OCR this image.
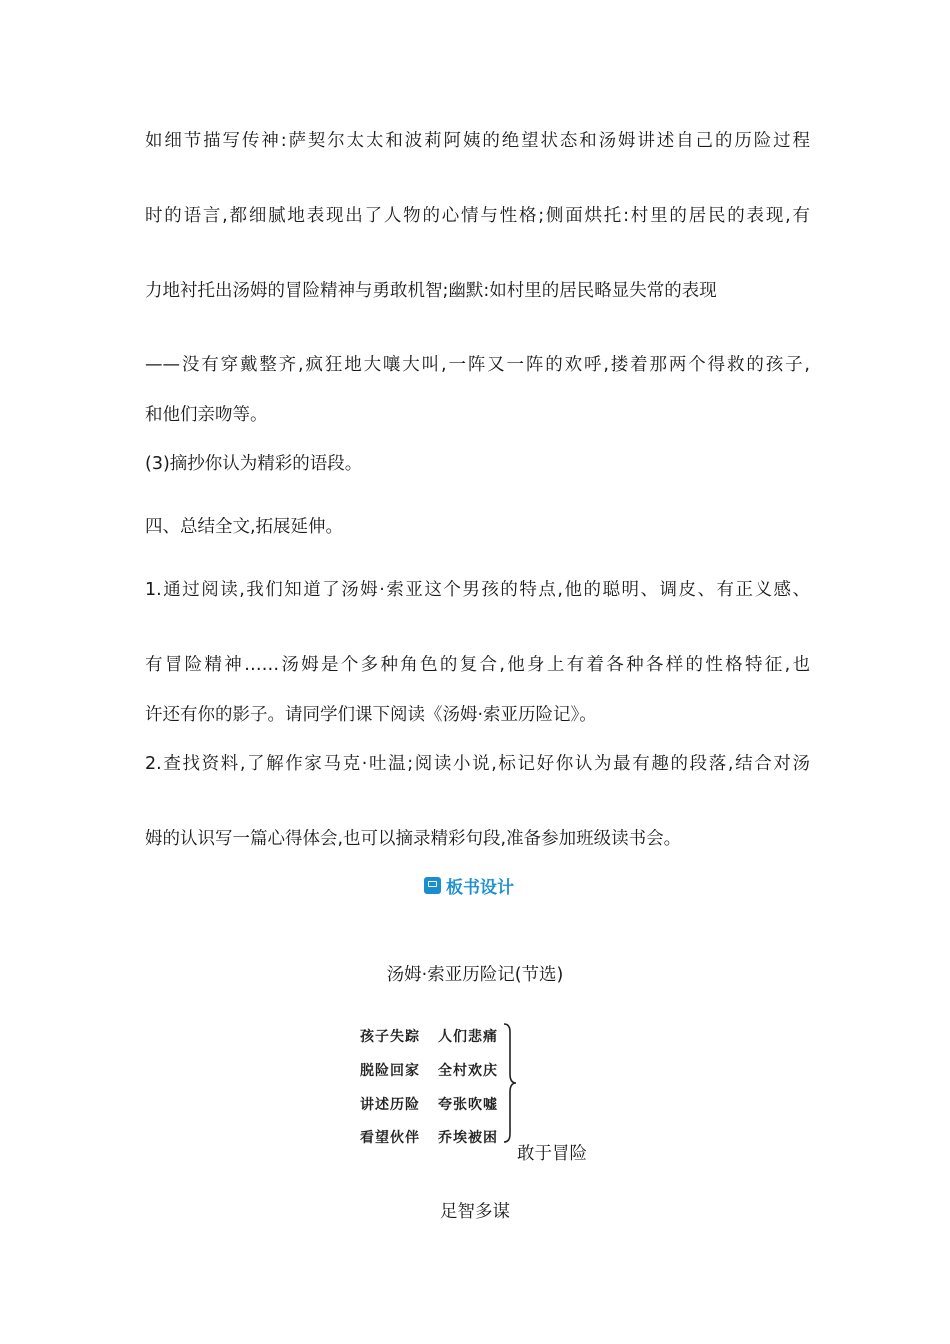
如细节描写传神:萨契尔太太和波莉阿姨的绝望状态和汤姆讲述自己的历险过程
时的语言,都细腻地表现出了人物的心情与性格;侧面烘托:村里的居民的表现,有
力地衬托出汤姆的冒险精神与勇敢机智;幽默:如村里的居民略显失常的表现
——没有穿戴整齐,疯狂地大嚷大叫,一阵又一阵的欢呼,搂着那两个得救的孩子,
和他们亲吻等。
(3)摘抄你认为精彩的语段。
四、总结全文,拓展延伸。
1.通过阅读,我们知道了汤姆·索亚这个男孩的特点,他的聪明、调皮、有正义感、
有冒险精神……汤姆是个多种角色的复合,他身上有着各种各样的性格特征,也
许还有你的影子。请同学们课下阅读《汤姆·索亚历险记》。
2.查找资料,了解作家马克·吐温;阅读小说,标记好你认为最有趣的段落,结合对汤
姆的认识写一篇心得体会,也可以摘录精彩句段,准备参加班级读书会。
板书设计
汤姆·索亚历险记(节选)
孩子失踪
脱险回家
讲述历险
看望伙伴
人们悲痛
全村欢庆
夸张吹嘘
乔埃被困
敢于冒险
足智多谋
